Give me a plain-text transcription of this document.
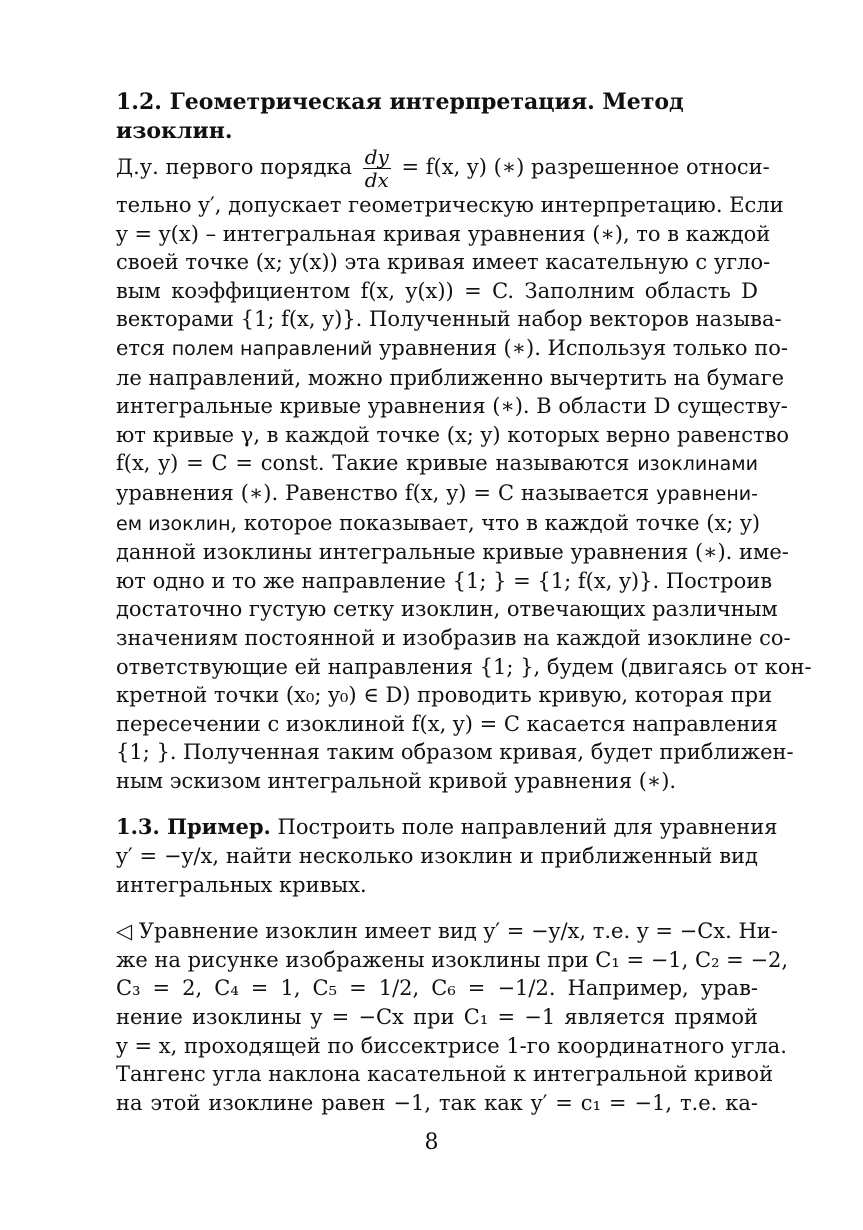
1.2. Геометрическая интерпретация. Метод изоклин.

Д.у. первого порядка $\frac{dy}{dx} = f(x$, y) (∗) разрешенное относи-
тельно y′, допускает геометрическую интерпретацию. Если
y = y(x) – интегральная кривая уравнения (∗), то в каждой
своей точке (x; y(x)) эта кривая имеет касательную с угло-
вым коэффициентом f(x, y(x)) = C. Заполним область D
векторами {1; f(x, y)}. Полученный набор векторов называ-
ется полем направлений уравнения (∗). Используя только по-
ле направлений, можно приближенно вычертить на бумаге
интегральные кривые уравнения (∗). В области D существу-
ют кривые γ, в каждой точке (x; y) которых верно равенство
f(x, y) = C = const. Такие кривые называются изоклинами
уравнения (∗). Равенство f(x, y) = C называется уравнени-
ем изоклин, которое показывает, что в каждой точке (x; y)
данной изоклины интегральные кривые уравнения (∗). име-
ют одно и то же направление {1; } = {1; f(x, y)}. Построив
достаточно густую сетку изоклин, отвечающих различным
значениям постоянной и изобразив на каждой изоклине со-
ответствующие ей направления {1; }, будем (двигаясь от кон-
кретной точки (x₀; y₀) ∈ D) проводить кривую, которая при
пересечении с изоклиной f(x, y) = C касается направления
{1; }. Полученная таким образом кривая, будет приближен-
ным эскизом интегральной кривой уравнения (∗).
1.3. Пример. Построить поле направлений для уравнения
y′ = −y/x, найти несколько изоклин и приближенный вид
интегральных кривых.
◁ Уравнение изоклин имеет вид y′ = −y/x, т.е. y = −Cx. Ни-
же на рисунке изображены изоклины при C₁ = −1, C₂ = −2,
C₃ = 2, C₄ = 1, C₅ = 1/2, C₆ = −1/2. Например, урав-
нение изоклины y = −Cx при C₁ = −1 является прямой
y = x, проходящей по биссектрисе 1-го координатного угла.
Тангенс угла наклона касательной к интегральной кривой
на этой изоклине равен −1, так как y′ = c₁ = −1, т.е. ка-
8
